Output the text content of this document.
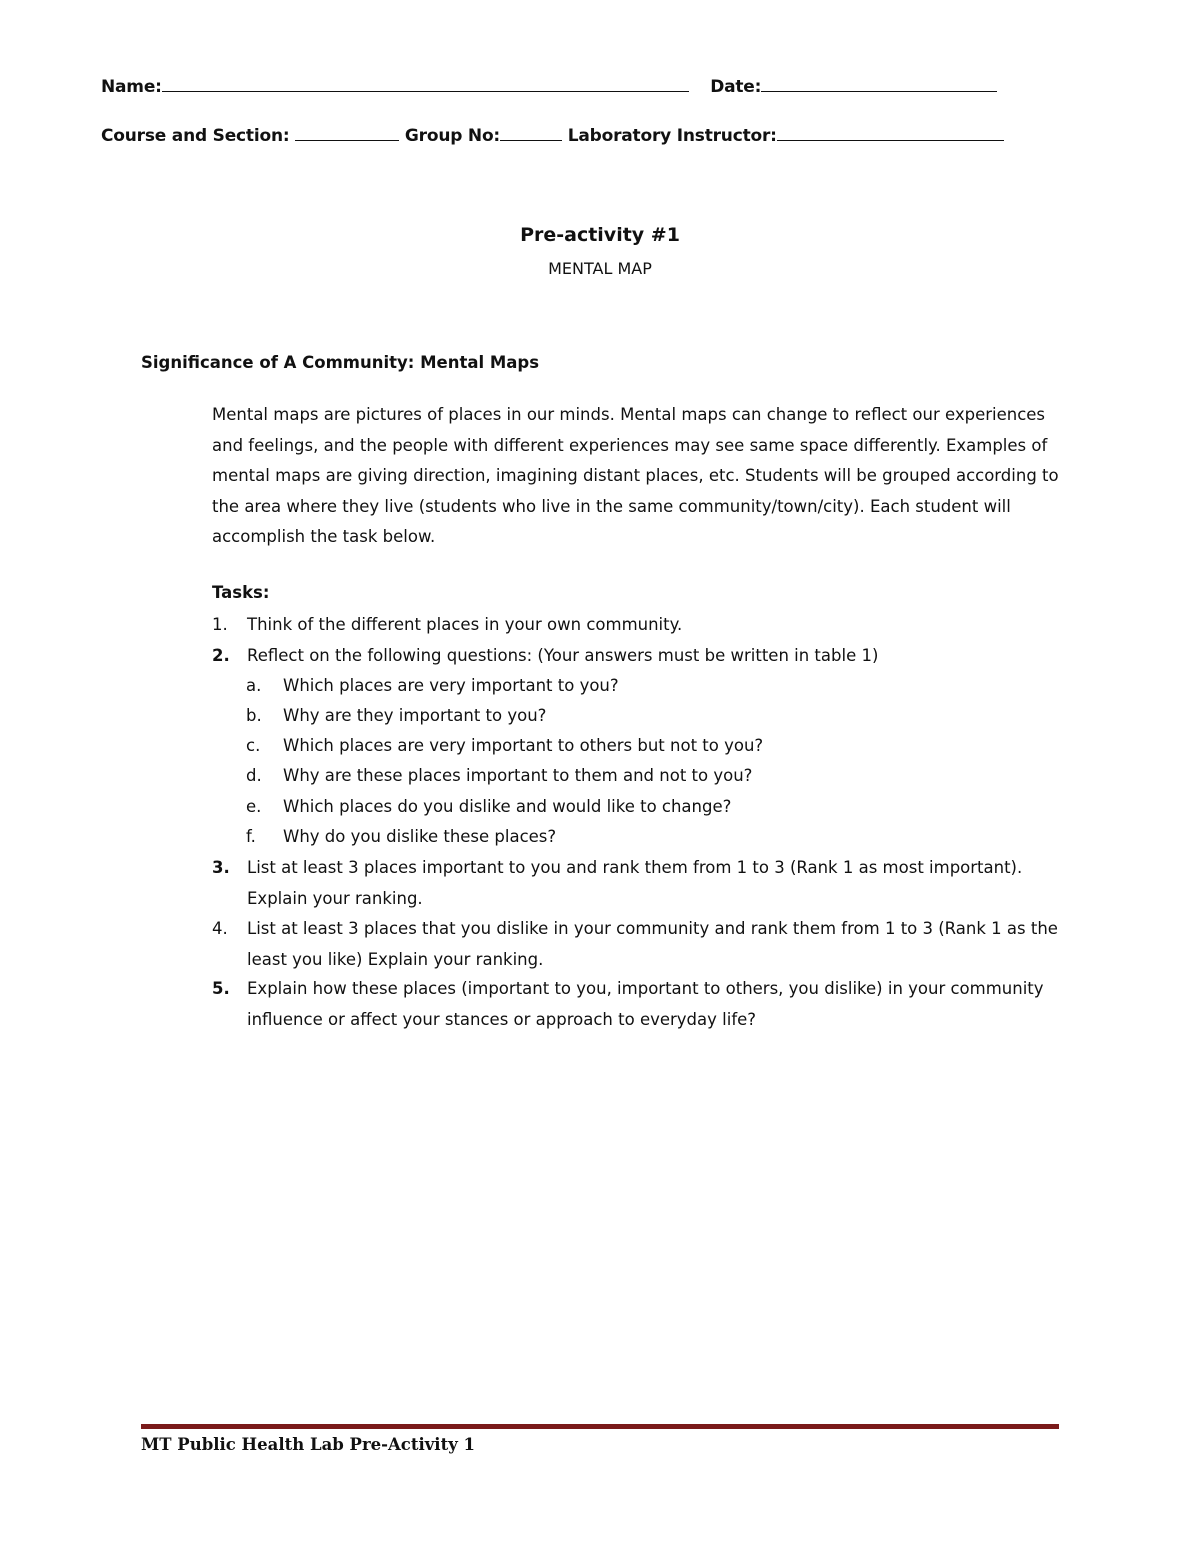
Name:	Date:
Course and Section:	Group No:	Laboratory Instructor:
Pre-activity #1
MENTAL MAP
Significance of A Community: Mental Maps

Mental maps are pictures of places in our minds. Mental maps can change to reflect our experiences and feelings, and the people with different experiences may see same space differently. Examples of mental maps are giving direction, imagining distant places, etc. Students will be grouped according to the area where they live (students who live in the same community/town/city). Each student will accomplish the task below.

Tasks:
1.	Think of the different places in your own community.
2.	Reflect on the following questions: (Your answers must be written in table 1)
a.	Which places are very important to you?
b.	Why are they important to you?
c.	Which places are very important to others but not to you?
d.	Why are these places important to them and not to you?
e.	Which places do you dislike and would like to change?
f.	Why do you dislike these places?
3.	List at least 3 places important to you and rank them from 1 to 3 (Rank 1 as most important). Explain your ranking.
4.	List at least 3 places that you dislike in your community and rank them from 1 to 3 (Rank 1 as the least you like) Explain your ranking.
5.	Explain how these places (important to you, important to others, you dislike) in your community influence or affect your stances or approach to everyday life?
MT Public Health Lab Pre-Activity 1
